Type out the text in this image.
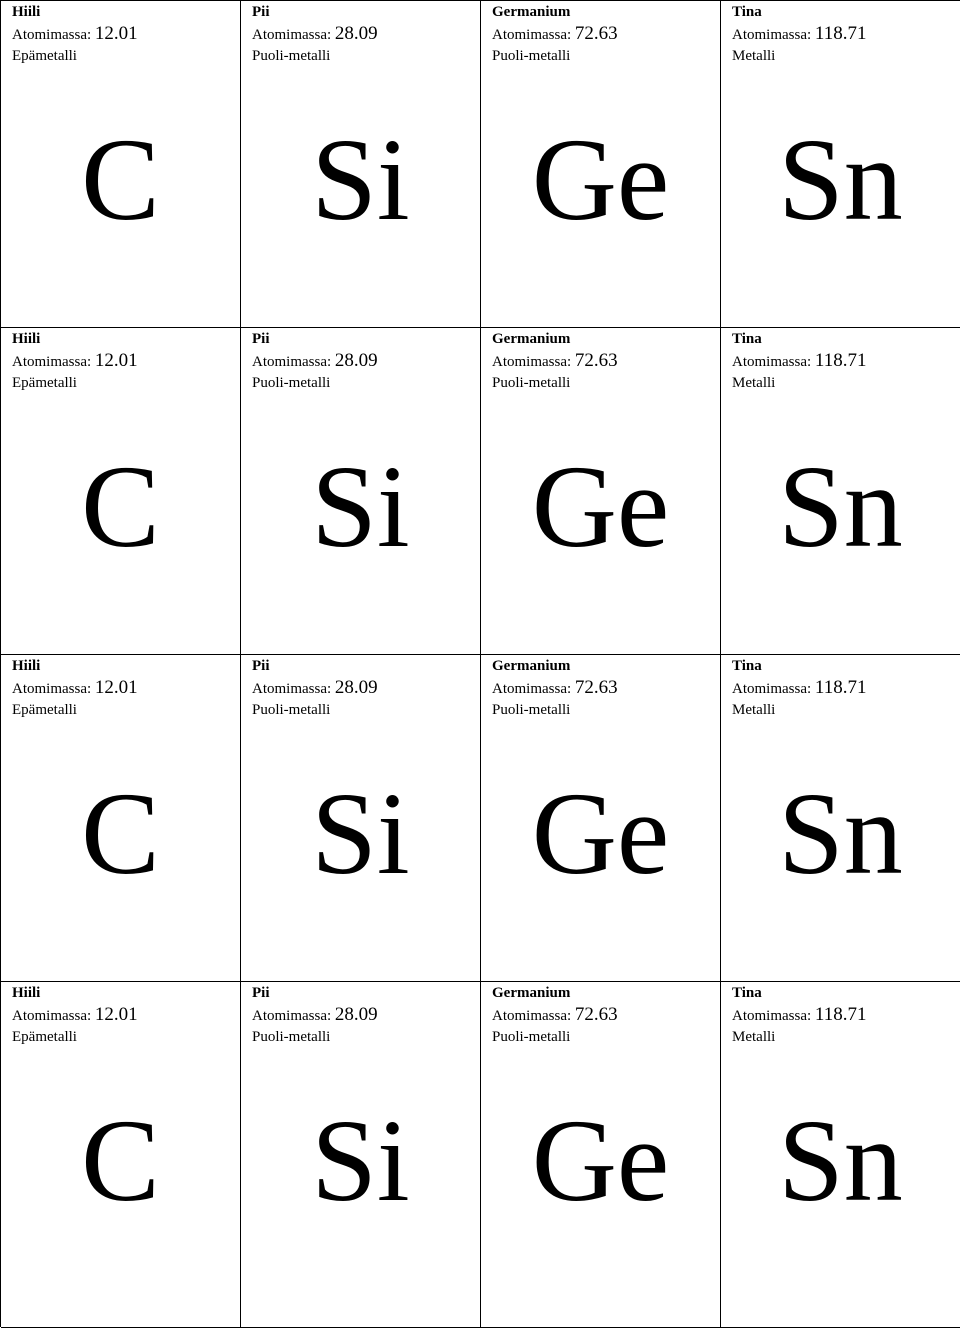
Hiili
Atomimassa: 12.01
Epämetalli
C
Pii
Atomimassa: 28.09
Puoli-metalli
Si
Germanium
Atomimassa: 72.63
Puoli-metalli
Ge
Tina
Atomimassa: 118.71
Metalli
Sn
Hiili
Atomimassa: 12.01
Epämetalli
C
Pii
Atomimassa: 28.09
Puoli-metalli
Si
Germanium
Atomimassa: 72.63
Puoli-metalli
Ge
Tina
Atomimassa: 118.71
Metalli
Sn
Hiili
Atomimassa: 12.01
Epämetalli
C
Pii
Atomimassa: 28.09
Puoli-metalli
Si
Germanium
Atomimassa: 72.63
Puoli-metalli
Ge
Tina
Atomimassa: 118.71
Metalli
Sn
Hiili
Atomimassa: 12.01
Epämetalli
C
Pii
Atomimassa: 28.09
Puoli-metalli
Si
Germanium
Atomimassa: 72.63
Puoli-metalli
Ge
Tina
Atomimassa: 118.71
Metalli
Sn
